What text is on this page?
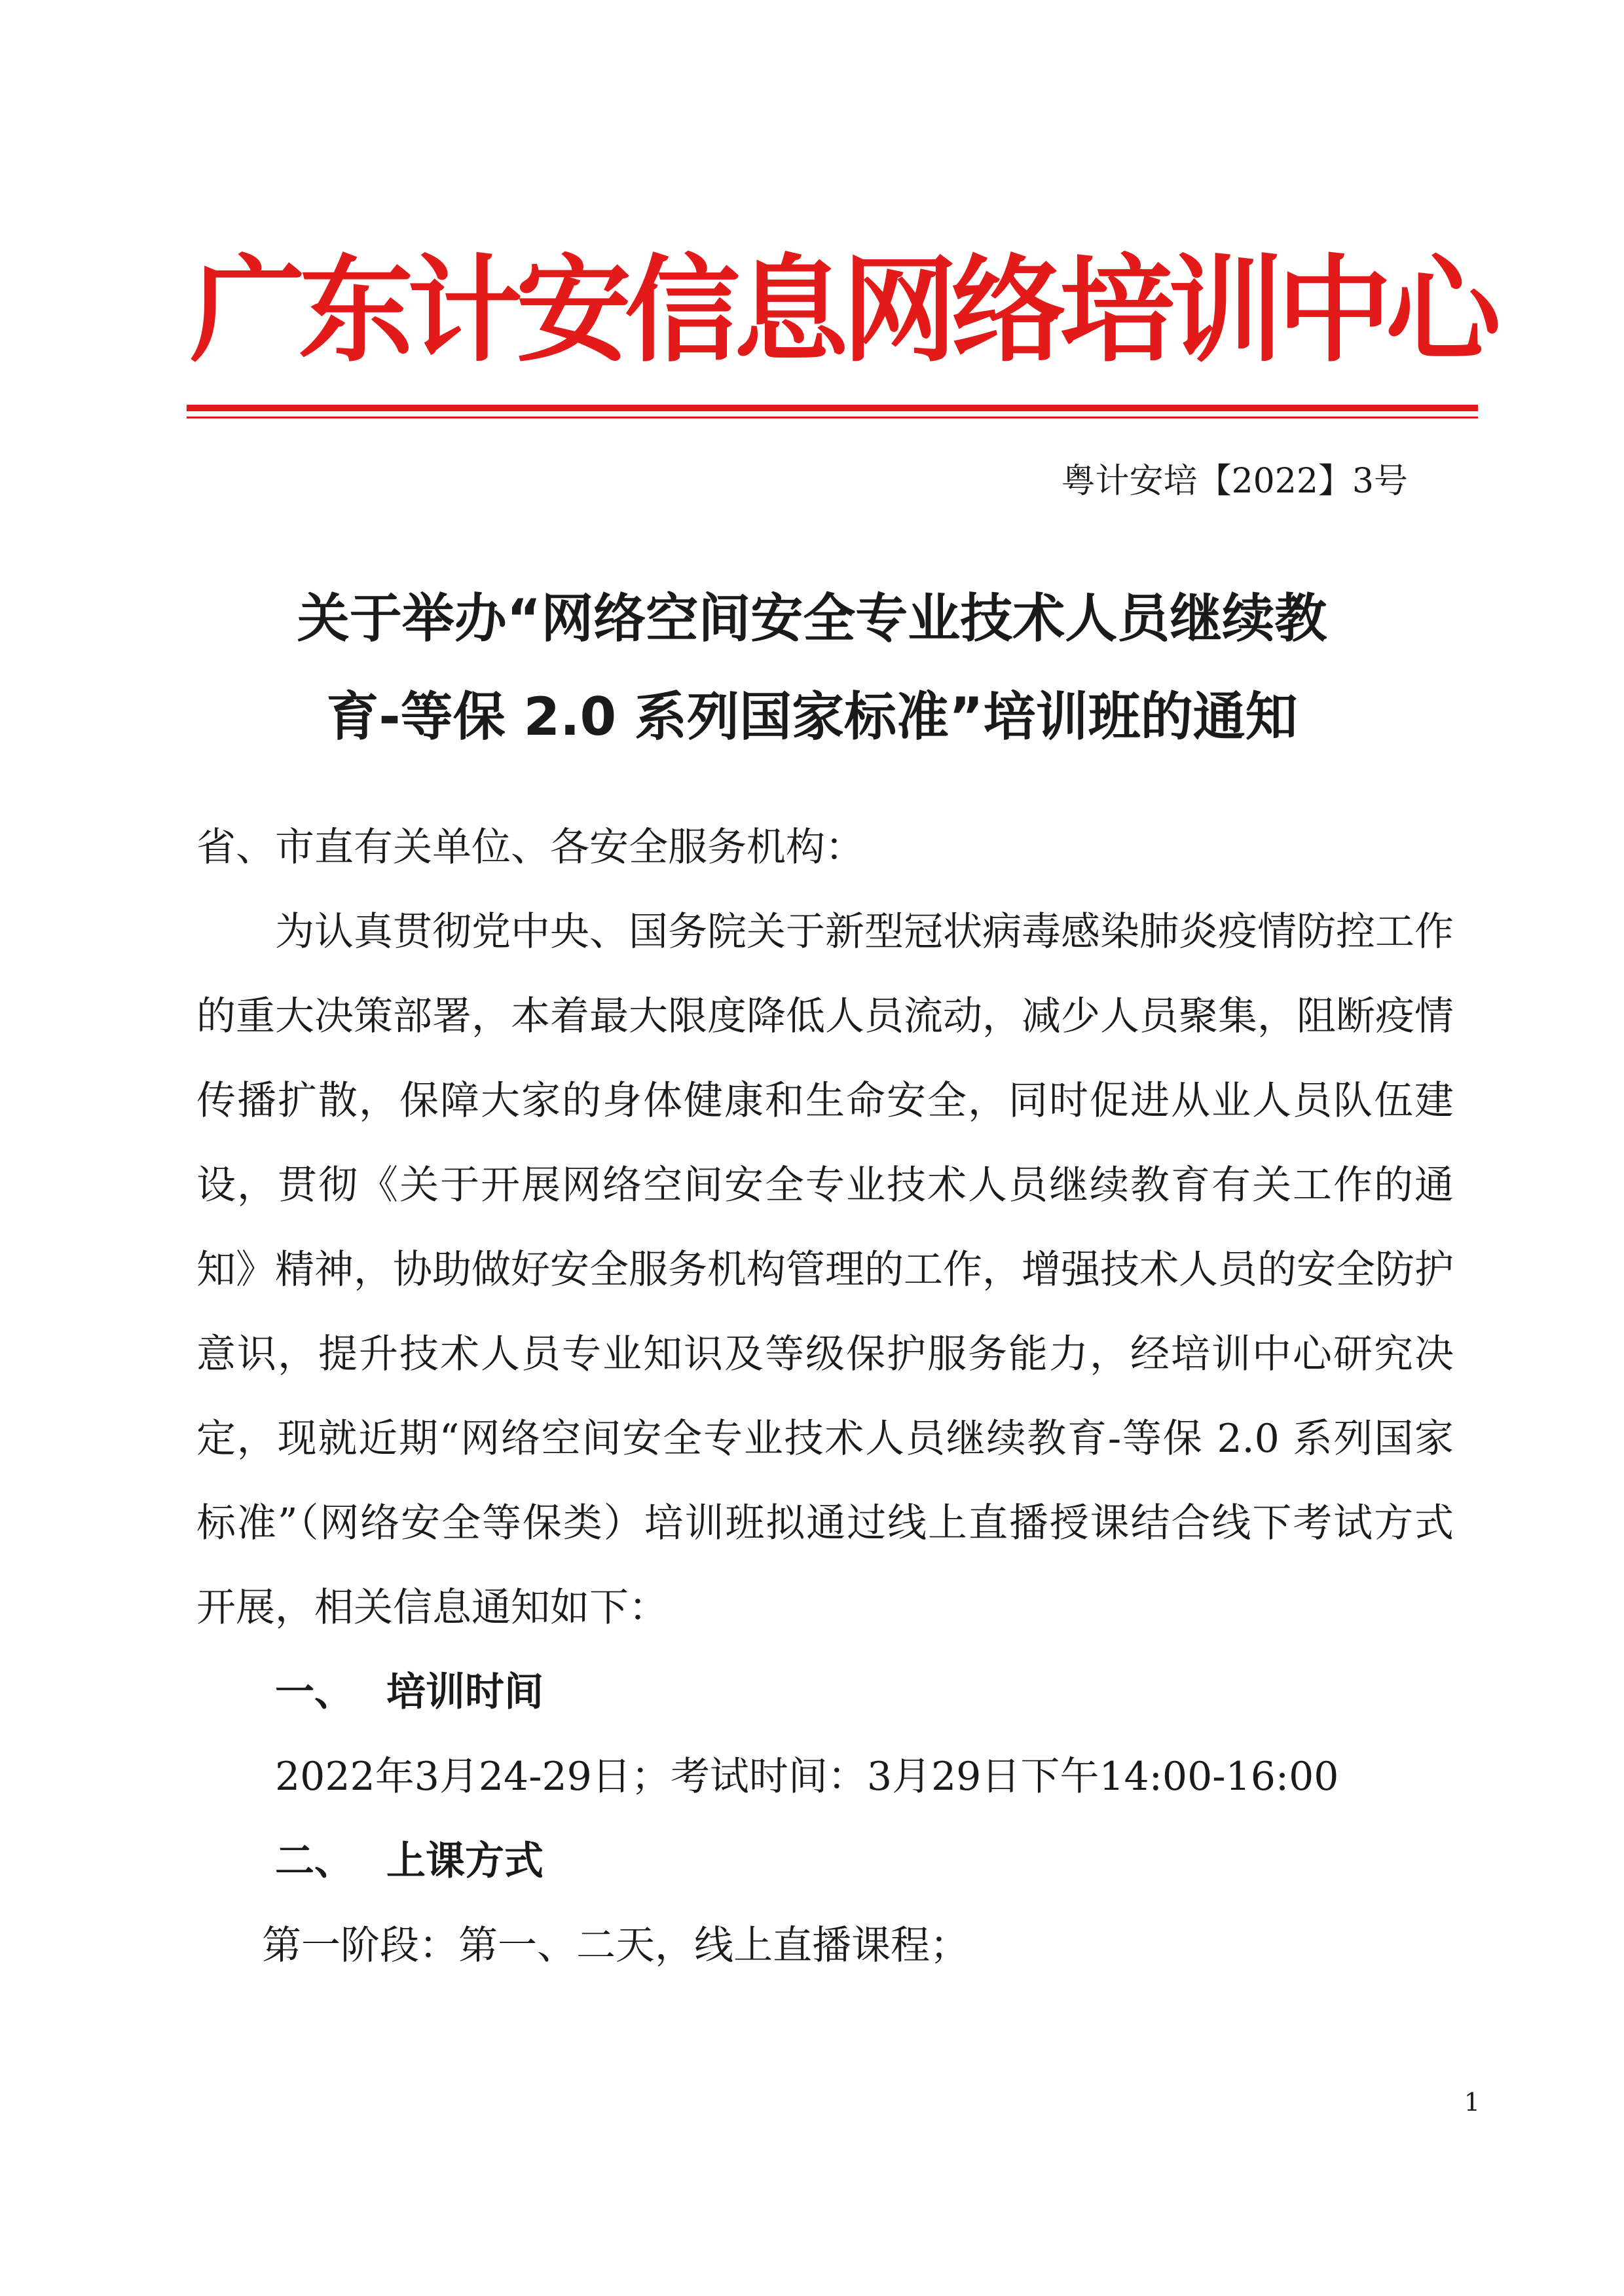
广东计安信息网络培训中心
粤计安培【2022】3号
关于举办“网络空间安全专业技术人员继续教
育-等保 2.0 系列国家标准”培训班的通知

省、市直有关单位、各安全服务机构：

为认真贯彻党中央、国务院关于新型冠状病毒感染肺炎疫情防控工作的重大决策部署，本着最大限度降低人员流动，减少人员聚集，阻断疫情传播扩散，保障大家的身体健康和生命安全，同时促进从业人员队伍建设，贯彻《关于开展网络空间安全专业技术人员继续教育有关工作的通知》精神，协助做好安全服务机构管理的工作，增强技术人员的安全防护意识，提升技术人员专业知识及等级保护服务能力，经培训中心研究决定，现就近期“网络空间安全专业技术人员继续教育-等保 2.0 系列国家标准”（网络安全等保类）培训班拟通过线上直播授课结合线下考试方式开展，相关信息通知如下：

一、 培训时间

2022年3月24-29日；考试时间：3月29日下午14:00-16:00

二、 上课方式

第一阶段：第一、二天，线上直播课程；

1
